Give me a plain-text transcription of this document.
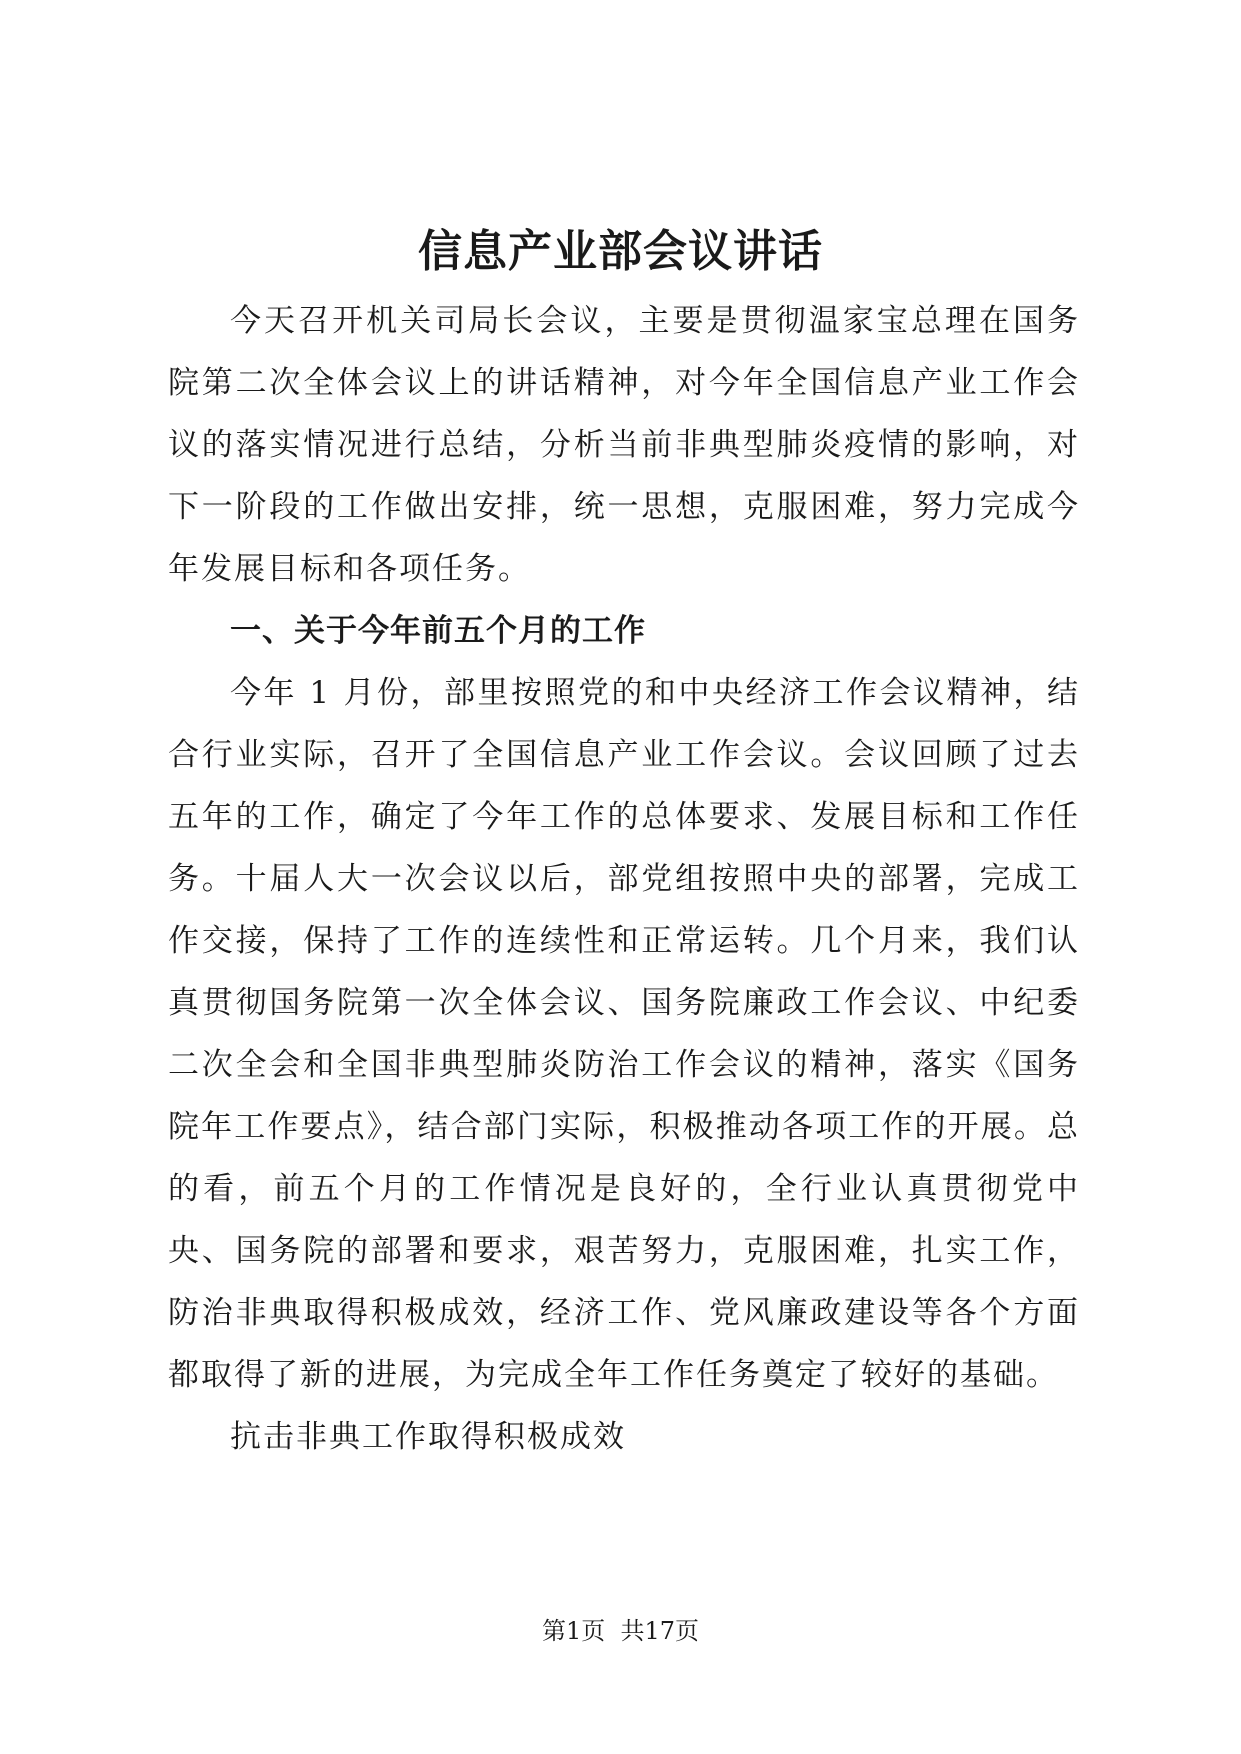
信息产业部会议讲话

今天召开机关司局长会议，主要是贯彻温家宝总理在国务院第二次全体会议上的讲话精神，对今年全国信息产业工作会议的落实情况进行总结，分析当前非典型肺炎疫情的影响，对下一阶段的工作做出安排，统一思想，克服困难，努力完成今年发展目标和各项任务。

一、关于今年前五个月的工作

今年 1 月份，部里按照党的和中央经济工作会议精神，结合行业实际，召开了全国信息产业工作会议。会议回顾了过去五年的工作，确定了今年工作的总体要求、发展目标和工作任务。十届人大一次会议以后，部党组按照中央的部署，完成工作交接，保持了工作的连续性和正常运转。几个月来，我们认真贯彻国务院第一次全体会议、国务院廉政工作会议、中纪委二次全会和全国非典型肺炎防治工作会议的精神，落实《国务院年工作要点》，结合部门实际，积极推动各项工作的开展。总的看，前五个月的工作情况是良好的，全行业认真贯彻党中央、国务院的部署和要求，艰苦努力，克服困难，扎实工作，防治非典取得积极成效，经济工作、党风廉政建设等各个方面都取得了新的进展，为完成全年工作任务奠定了较好的基础。

抗击非典工作取得积极成效

第1页  共17页
